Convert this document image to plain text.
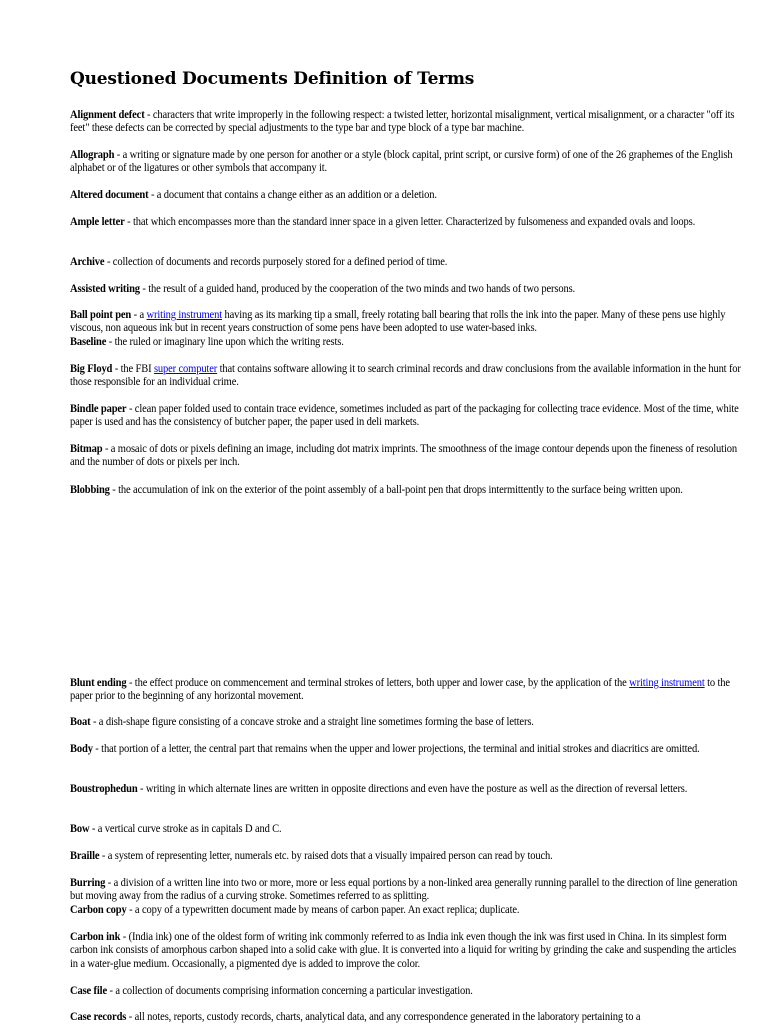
Questioned Documents Definition of Terms

Alignment defect - characters that write improperly in the following respect: a twisted letter, horizontal misalignment, vertical misalignment, or a character "off its feet" these defects can be corrected by special adjustments to the type bar and type block of a type bar machine.

Allograph - a writing or signature made by one person for another or a style (block capital, print script, or cursive form) of one of the 26 graphemes of the English alphabet or of the ligatures or other symbols that accompany it.

Altered document - a document that contains a change either as an addition or a deletion.

Ample letter - that which encompasses more than the standard inner space in a given letter. Characterized by fulsomeness and expanded ovals and loops.

Archive - collection of documents and records purposely stored for a defined period of time.

Assisted writing - the result of a guided hand, produced by the cooperation of the two minds and two hands of two persons.

Ball point pen - a writing instrument having as its marking tip a small, freely rotating ball bearing that rolls the ink into the paper. Many of these pens use highly viscous, non aqueous ink but in recent years construction of some pens have been adopted to use water-based inks.

Baseline - the ruled or imaginary line upon which the writing rests.

Big Floyd - the FBI super computer that contains software allowing it to search criminal records and draw conclusions from the available information in the hunt for those responsible for an individual crime.

Bindle paper - clean paper folded used to contain trace evidence, sometimes included as part of the packaging for collecting trace evidence. Most of the time, white paper is used and has the consistency of butcher paper, the paper used in deli markets.

Bitmap - a mosaic of dots or pixels defining an image, including dot matrix imprints. The smoothness of the image contour depends upon the fineness of resolution and the number of dots or pixels per inch.

Blobbing - the accumulation of ink on the exterior of the point assembly of a ball-point pen that drops intermittently to the surface being written upon.

Blunt ending - the effect produce on commencement and terminal strokes of letters, both upper and lower case, by the application of the writing instrument to the paper prior to the beginning of any horizontal movement.

Boat - a dish-shape figure consisting of a concave stroke and a straight line sometimes forming the base of letters.

Body - that portion of a letter, the central part that remains when the upper and lower projections, the terminal and initial strokes and diacritics are omitted.

Boustrophedun - writing in which alternate lines are written in opposite directions and even have the posture as well as the direction of reversal letters.

Bow - a vertical curve stroke as in capitals D and C.

Braille - a system of representing letter, numerals etc. by raised dots that a visually impaired person can read by touch.

Burring - a division of a written line into two or more, more or less equal portions by a non-linked area generally running parallel to the direction of line generation but moving away from the radius of a curving stroke. Sometimes referred to as splitting.

Carbon copy - a copy of a typewritten document made by means of carbon paper. An exact replica; duplicate.

Carbon ink - (India ink) one of the oldest form of writing ink commonly referred to as India ink even though the ink was first used in China. In its simplest form carbon ink consists of amorphous carbon shaped into a solid cake with glue. It is converted into a liquid for writing by grinding the cake and suspending the articles in a water-glue medium. Occasionally, a pigmented dye is added to improve the color.

Case file - a collection of documents comprising information concerning a particular investigation.

Case records - all notes, reports, custody records, charts, analytical data, and any correspondence generated in the laboratory pertaining to a
